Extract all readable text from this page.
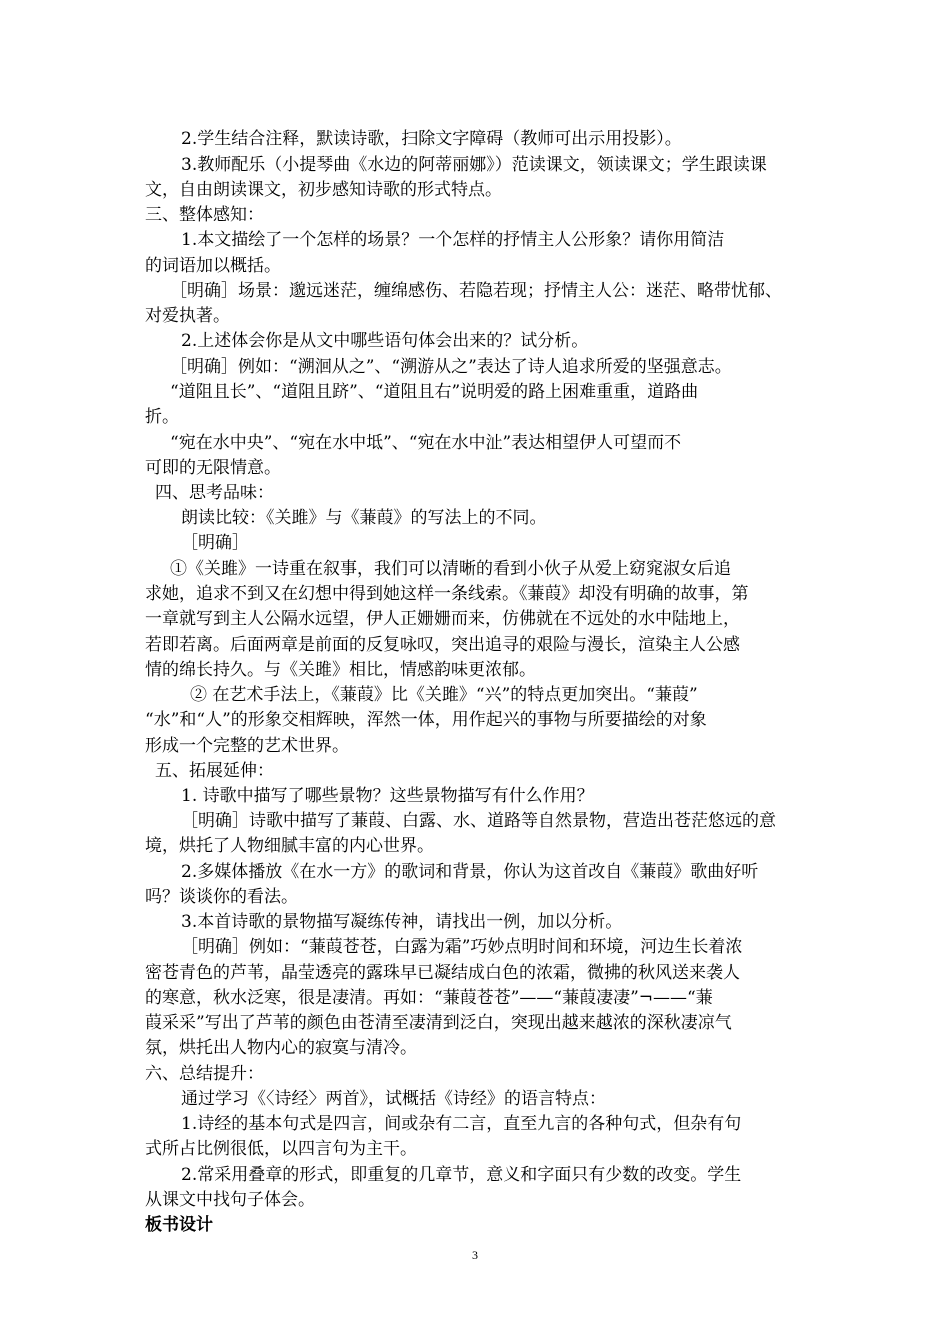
2.学生结合注释，默读诗歌，扫除文字障碍（教师可出示用投影）。
3.教师配乐（小提琴曲《水边的阿蒂丽娜》）范读课文，领读课文；学生跟读课
文，自由朗读课文，初步感知诗歌的形式特点。
三、整体感知：
1.本文描绘了一个怎样的场景？一个怎样的抒情主人公形象？请你用简洁
的词语加以概括。
［明确］场景：邈远迷茫，缠绵感伤、若隐若现；抒情主人公：迷茫、略带忧郁、
对爱执著。
2.上述体会你是从文中哪些语句体会出来的？试分析。
［明确］例如：“溯洄从之”、“溯游从之”表达了诗人追求所爱的坚强意志。
“道阻且长”、“道阻且跻”、“道阻且右”说明爱的路上困难重重，道路曲
折。
“宛在水中央”、“宛在水中坻”、“宛在水中沚”表达相望伊人可望而不
可即的无限情意。
四、思考品味：
朗读比较：《关雎》与《蒹葭》的写法上的不同。
［明确］
①《关雎》一诗重在叙事，我们可以清晰的看到小伙子从爱上窈窕淑女后追
求她，追求不到又在幻想中得到她这样一条线索。《蒹葭》却没有明确的故事，第
一章就写到主人公隔水远望，伊人正姗姗而来，仿佛就在不远处的水中陆地上，
若即若离。后面两章是前面的反复咏叹，突出追寻的艰险与漫长，渲染主人公感
情的绵长持久。与《关雎》相比，情感韵味更浓郁。
② 在艺术手法上，《蒹葭》比《关雎》“兴”的特点更加突出。“蒹葭”
“水”和“人”的形象交相辉映，浑然一体，用作起兴的事物与所要描绘的对象
形成一个完整的艺术世界。
五、拓展延伸：
1. 诗歌中描写了哪些景物？这些景物描写有什么作用？
［明确］诗歌中描写了蒹葭、白露、水、道路等自然景物，营造出苍茫悠远的意
境，烘托了人物细腻丰富的内心世界。
2.多媒体播放《在水一方》的歌词和背景，你认为这首改自《蒹葭》歌曲好听
吗？谈谈你的看法。
3.本首诗歌的景物描写凝练传神，请找出一例，加以分析。
［明确］例如：“蒹葭苍苍，白露为霜”巧妙点明时间和环境，河边生长着浓
密苍青色的芦苇，晶莹透亮的露珠早已凝结成白色的浓霜，微拂的秋风送来袭人
的寒意，秋水泛寒，很是凄清。再如：“蒹葭苍苍”——“蒹葭凄凄”¬——“蒹
葭采采”写出了芦苇的颜色由苍清至凄清到泛白，突现出越来越浓的深秋凄凉气
氛，烘托出人物内心的寂寞与清冷。
六、总结提升：
通过学习《〈诗经〉两首》，试概括《诗经》的语言特点：
1.诗经的基本句式是四言，间或杂有二言，直至九言的各种句式，但杂有句
式所占比例很低，以四言句为主干。
2.常采用叠章的形式，即重复的几章节，意义和字面只有少数的改变。学生
从课文中找句子体会。
板书设计
3
